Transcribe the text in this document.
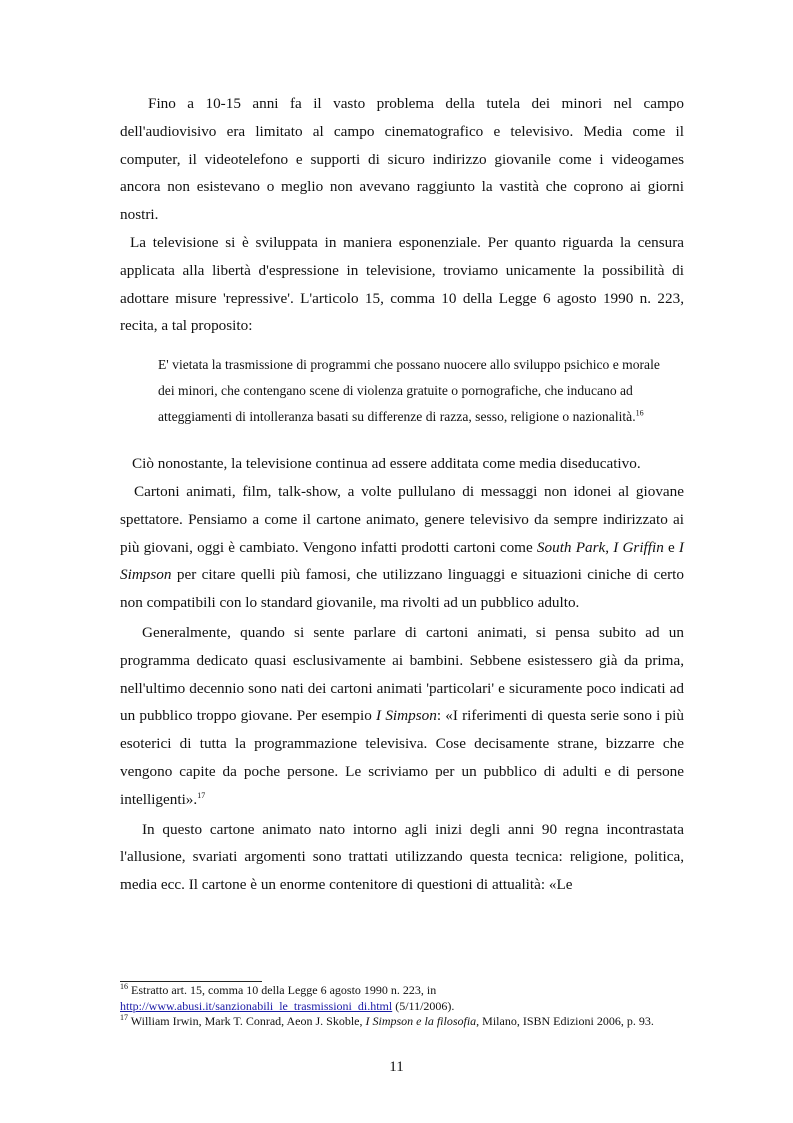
Fino a 10-15 anni fa il vasto problema della tutela dei minori nel campo dell'audiovisivo era limitato al campo cinematografico e televisivo. Media come il computer, il videotelefono e supporti di sicuro indirizzo giovanile come i videogames ancora non esistevano o meglio non avevano raggiunto la vastità che coprono ai giorni nostri.

La televisione si è sviluppata in maniera esponenziale. Per quanto riguarda la censura applicata alla libertà d'espressione in televisione, troviamo unicamente la possibilità di adottare misure 'repressive'. L'articolo 15, comma 10 della Legge 6 agosto 1990 n. 223, recita, a tal proposito:

E' vietata la trasmissione di programmi che possano nuocere allo sviluppo psichico e morale dei minori, che contengano scene di violenza gratuite o pornografiche, che inducano ad atteggiamenti di intolleranza basati su differenze di razza, sesso, religione o nazionalità.$^{16}$

Ciò nonostante, la televisione continua ad essere additata come media diseducativo.

Cartoni animati, film, talk-show, a volte pullulano di messaggi non idonei al giovane spettatore. Pensiamo a come il cartone animato, genere televisivo da sempre indirizzato ai più giovani, oggi è cambiato. Vengono infatti prodotti cartoni come South Park, I Griffin e I Simpson per citare quelli più famosi, che utilizzano linguaggi e situazioni ciniche di certo non compatibili con lo standard giovanile, ma rivolti ad un pubblico adulto.

Generalmente, quando si sente parlare di cartoni animati, si pensa subito ad un programma dedicato quasi esclusivamente ai bambini. Sebbene esistessero già da prima, nell'ultimo decennio sono nati dei cartoni animati 'particolari' e sicuramente poco indicati ad un pubblico troppo giovane. Per esempio I Simpson: «I riferimenti di questa serie sono i più esoterici di tutta la programmazione televisiva. Cose decisamente strane, bizzarre che vengono capite da poche persone. Le scriviamo per un pubblico di adulti e di persone intelligenti».$^{17}$

In questo cartone animato nato intorno agli inizi degli anni 90 regna incontrastata l'allusione, svariati argomenti sono trattati utilizzando questa tecnica: religione, politica, media ecc. Il cartone è un enorme contenitore di questioni di attualità: «Le

$^{16}$ Estratto art. 15, comma 10 della Legge 6 agosto 1990 n. 223, in
http://www.abusi.it/sanzionabili_le_trasmissioni_di.html (5/11/2006).

$^{17}$ William Irwin, Mark T. Conrad, Aeon J. Skoble, I Simpson e la filosofia, Milano, ISBN Edizioni 2006, p. 93.

11
